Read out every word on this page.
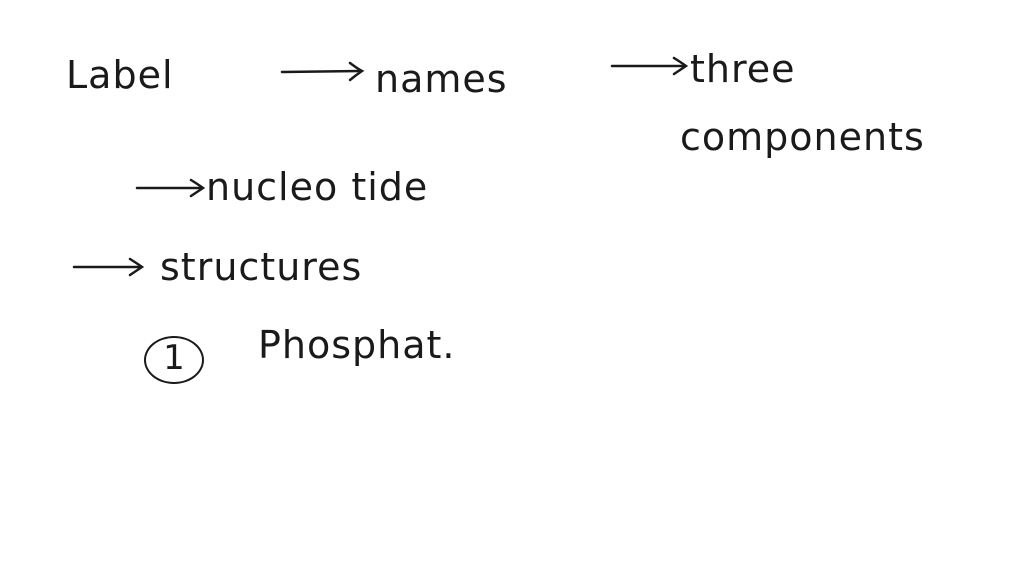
Label	names	three
components
nucleo tide
structures
1	Phosphat.
